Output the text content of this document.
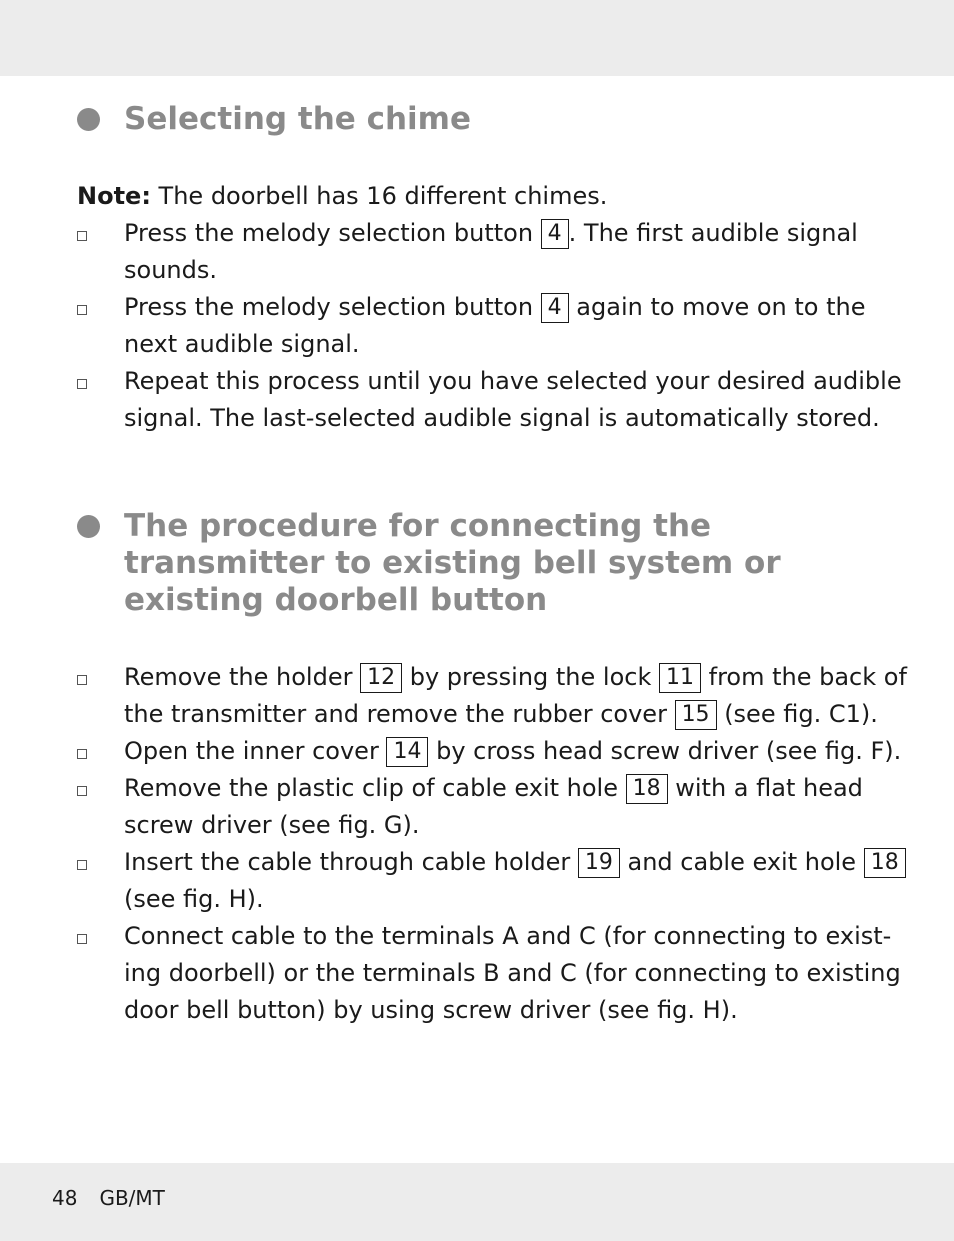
Selecting the chime

Note: The doorbell has 16 different chimes.

Press the melody selection button 4 . The first audible signal
sounds.
Press the melody selection button 4 again to move on to the
next audible signal.
Repeat this process until you have selected your desired audible
signal. The last-selected audible signal is automatically stored.
The procedure for connecting the
transmitter to existing bell system or
existing doorbell button
Remove the holder 12 by pressing the lock 11 from the back of
the transmitter and remove the rubber cover 15 (see fig. C1).
Open the inner cover 14 by cross head screw driver (see fig. F).
Remove the plastic clip of cable exit hole 18 with a flat head
screw driver (see fig. G).
Insert the cable through cable holder 19 and cable exit hole 18
(see fig. H).
Connect cable to the terminals A and C (for connecting to exist-
ing doorbell) or the terminals B and C (for connecting to existing
door bell button) by using screw driver (see fig. H).
48 GB/MT
